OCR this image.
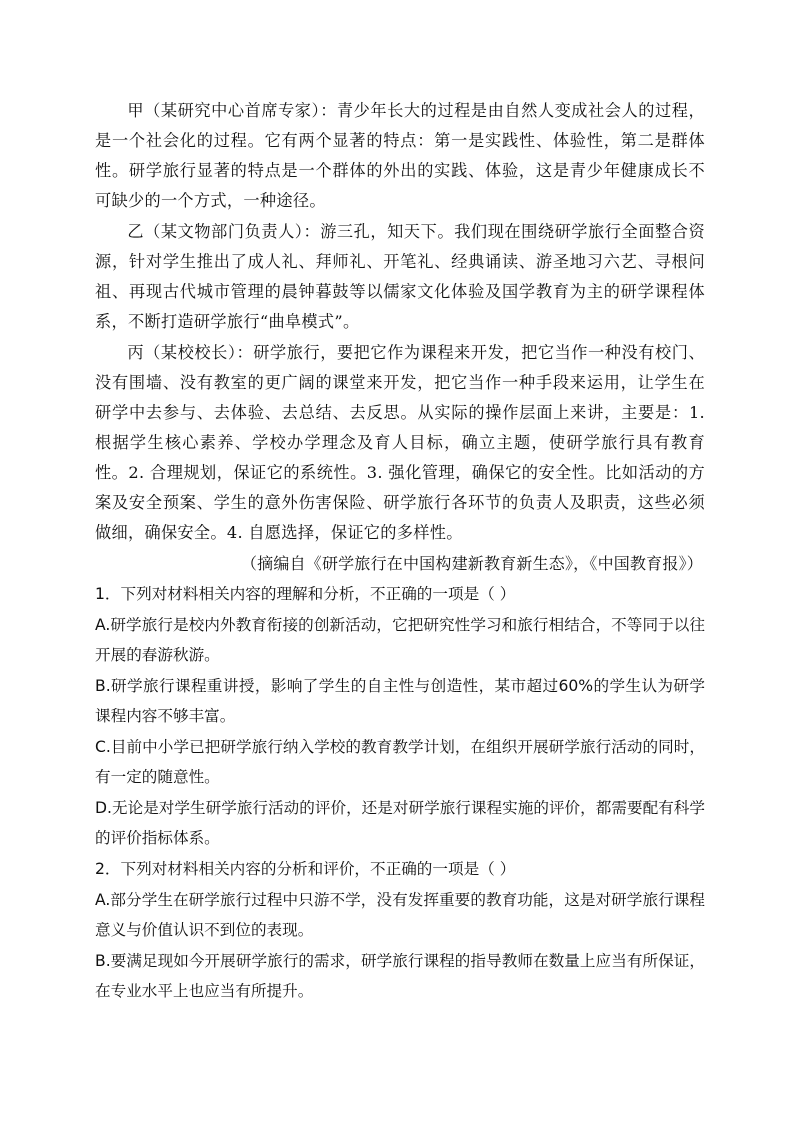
甲（某研究中心首席专家）：青少年长大的过程是由自然人变成社会人的过程，是一个社会化的过程。它有两个显著的特点：第一是实践性、体验性，第二是群体性。研学旅行显著的特点是一个群体的外出的实践、体验，这是青少年健康成长不可缺少的一个方式，一种途径。

乙（某文物部门负责人）：游三孔，知天下。我们现在围绕研学旅行全面整合资源，针对学生推出了成人礼、拜师礼、开笔礼、经典诵读、游圣地习六艺、寻根问祖、再现古代城市管理的晨钟暮鼓等以儒家文化体验及国学教育为主的研学课程体系，不断打造研学旅行“曲阜模式”。

丙（某校校长）：研学旅行，要把它作为课程来开发，把它当作一种没有校门、没有围墙、没有教室的更广阔的课堂来开发，把它当作一种手段来运用，让学生在研学中去参与、去体验、去总结、去反思。从实际的操作层面上来讲，主要是：1. 根据学生核心素养、学校办学理念及育人目标，确立主题，使研学旅行具有教育性。2. 合理规划，保证它的系统性。3. 强化管理，确保它的安全性。比如活动的方案及安全预案、学生的意外伤害保险、研学旅行各环节的负责人及职责，这些必须做细，确保安全。4. 自愿选择，保证它的多样性。

（摘编自《研学旅行在中国构建新教育新生态》，《中国教育报》）

1．下列对材料相关内容的理解和分析，不正确的一项是（ ）

A.研学旅行是校内外教育衔接的创新活动，它把研究性学习和旅行相结合，不等同于以往开展的春游秋游。

B.研学旅行课程重讲授，影响了学生的自主性与创造性，某市超过60%的学生认为研学课程内容不够丰富。

C.目前中小学已把研学旅行纳入学校的教育教学计划，在组织开展研学旅行活动的同时，有一定的随意性。

D.无论是对学生研学旅行活动的评价，还是对研学旅行课程实施的评价，都需要配有科学的评价指标体系。

2．下列对材料相关内容的分析和评价，不正确的一项是（ ）

A.部分学生在研学旅行过程中只游不学，没有发挥重要的教育功能，这是对研学旅行课程意义与价值认识不到位的表现。

B.要满足现如今开展研学旅行的需求，研学旅行课程的指导教师在数量上应当有所保证，在专业水平上也应当有所提升。
